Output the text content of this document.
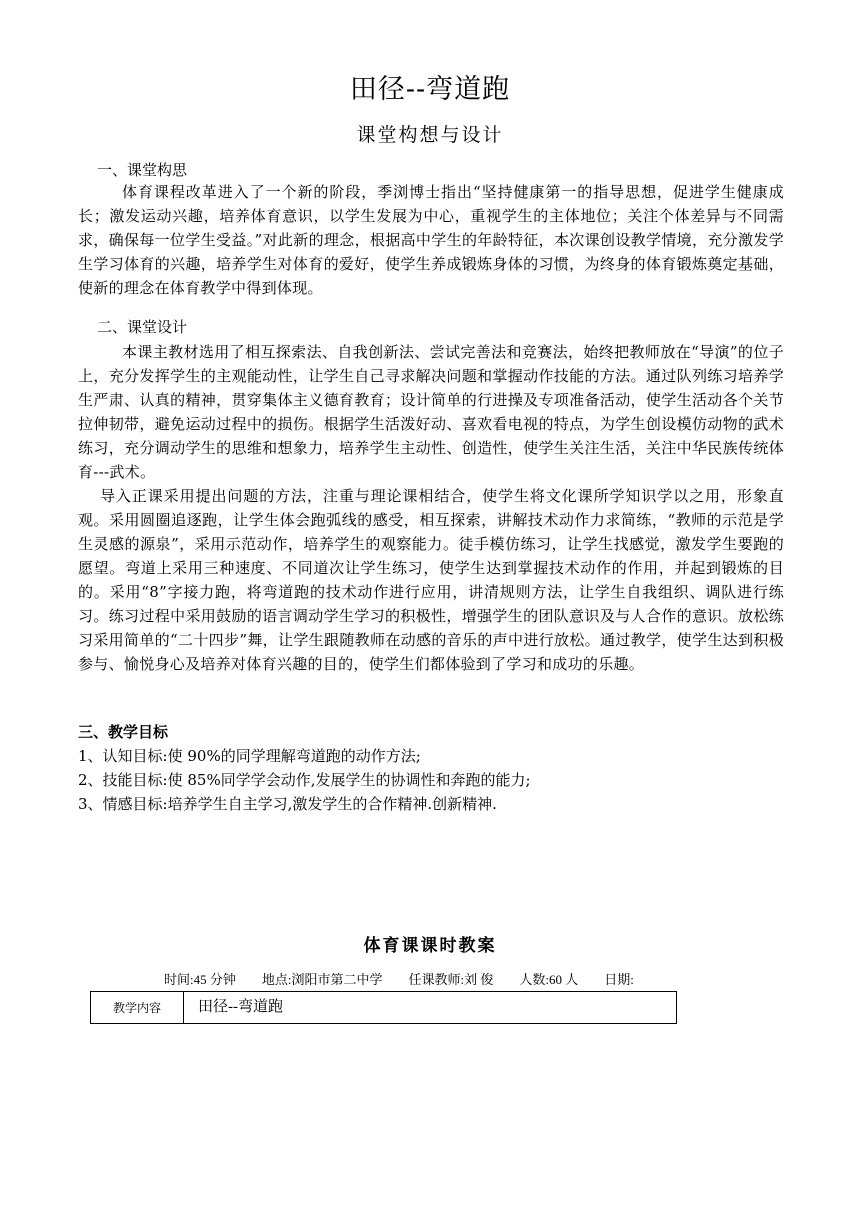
田径--弯道跑
课堂构想与设计
一、课堂构思

体育课程改革进入了一个新的阶段，季浏博士指出“坚持健康第一的指导思想，促进学生健康成长；激发运动兴趣，培养体育意识，以学生发展为中心，重视学生的主体地位；关注个体差异与不同需求，确保每一位学生受益。”对此新的理念，根据高中学生的年龄特征，本次课创设教学情境，充分激发学生学习体育的兴趣，培养学生对体育的爱好，使学生养成锻炼身体的习惯，为终身的体育锻炼奠定基础，使新的理念在体育教学中得到体现。

二、课堂设计

本课主教材选用了相互探索法、自我创新法、尝试完善法和竞赛法，始终把教师放在“导演”的位子上，充分发挥学生的主观能动性，让学生自己寻求解决问题和掌握动作技能的方法。通过队列练习培养学生严肃、认真的精神，贯穿集体主义德育教育；设计简单的行进操及专项准备活动，使学生活动各个关节拉伸韧带，避免运动过程中的损伤。根据学生活泼好动、喜欢看电视的特点，为学生创设模仿动物的武术练习，充分调动学生的思维和想象力，培养学生主动性、创造性，使学生关注生活，关注中华民族传统体育---武术。

导入正课采用提出问题的方法，注重与理论课相结合，使学生将文化课所学知识学以之用，形象直观。采用圆圈追逐跑，让学生体会跑弧线的感受，相互探索，讲解技术动作力求简练，“教师的示范是学生灵感的源泉”，采用示范动作，培养学生的观察能力。徒手模仿练习，让学生找感觉，激发学生要跑的愿望。弯道上采用三种速度、不同道次让学生练习，使学生达到掌握技术动作的作用，并起到锻炼的目的。采用“8”字接力跑，将弯道跑的技术动作进行应用，讲清规则方法，让学生自我组织、调队进行练习。练习过程中采用鼓励的语言调动学生学习的积极性，增强学生的团队意识及与人合作的意识。放松练习采用简单的“二十四步”舞，让学生跟随教师在动感的音乐的声中进行放松。通过教学，使学生达到积极参与、愉悦身心及培养对体育兴趣的目的，使学生们都体验到了学习和成功的乐趣。

三、教学目标
1、认知目标:使 90%的同学理解弯道跑的动作方法;
2、技能目标:使 85%同学学会动作,发展学生的协调性和奔跑的能力;
3、情感目标:培养学生自主学习,激发学生的合作精神.创新精神.
体育课课时教案
时间:45 分钟 地点:浏阳市第二中学 任课教师:刘 俊 人数:60 人 日期:
教学内容	田径--弯道跑
